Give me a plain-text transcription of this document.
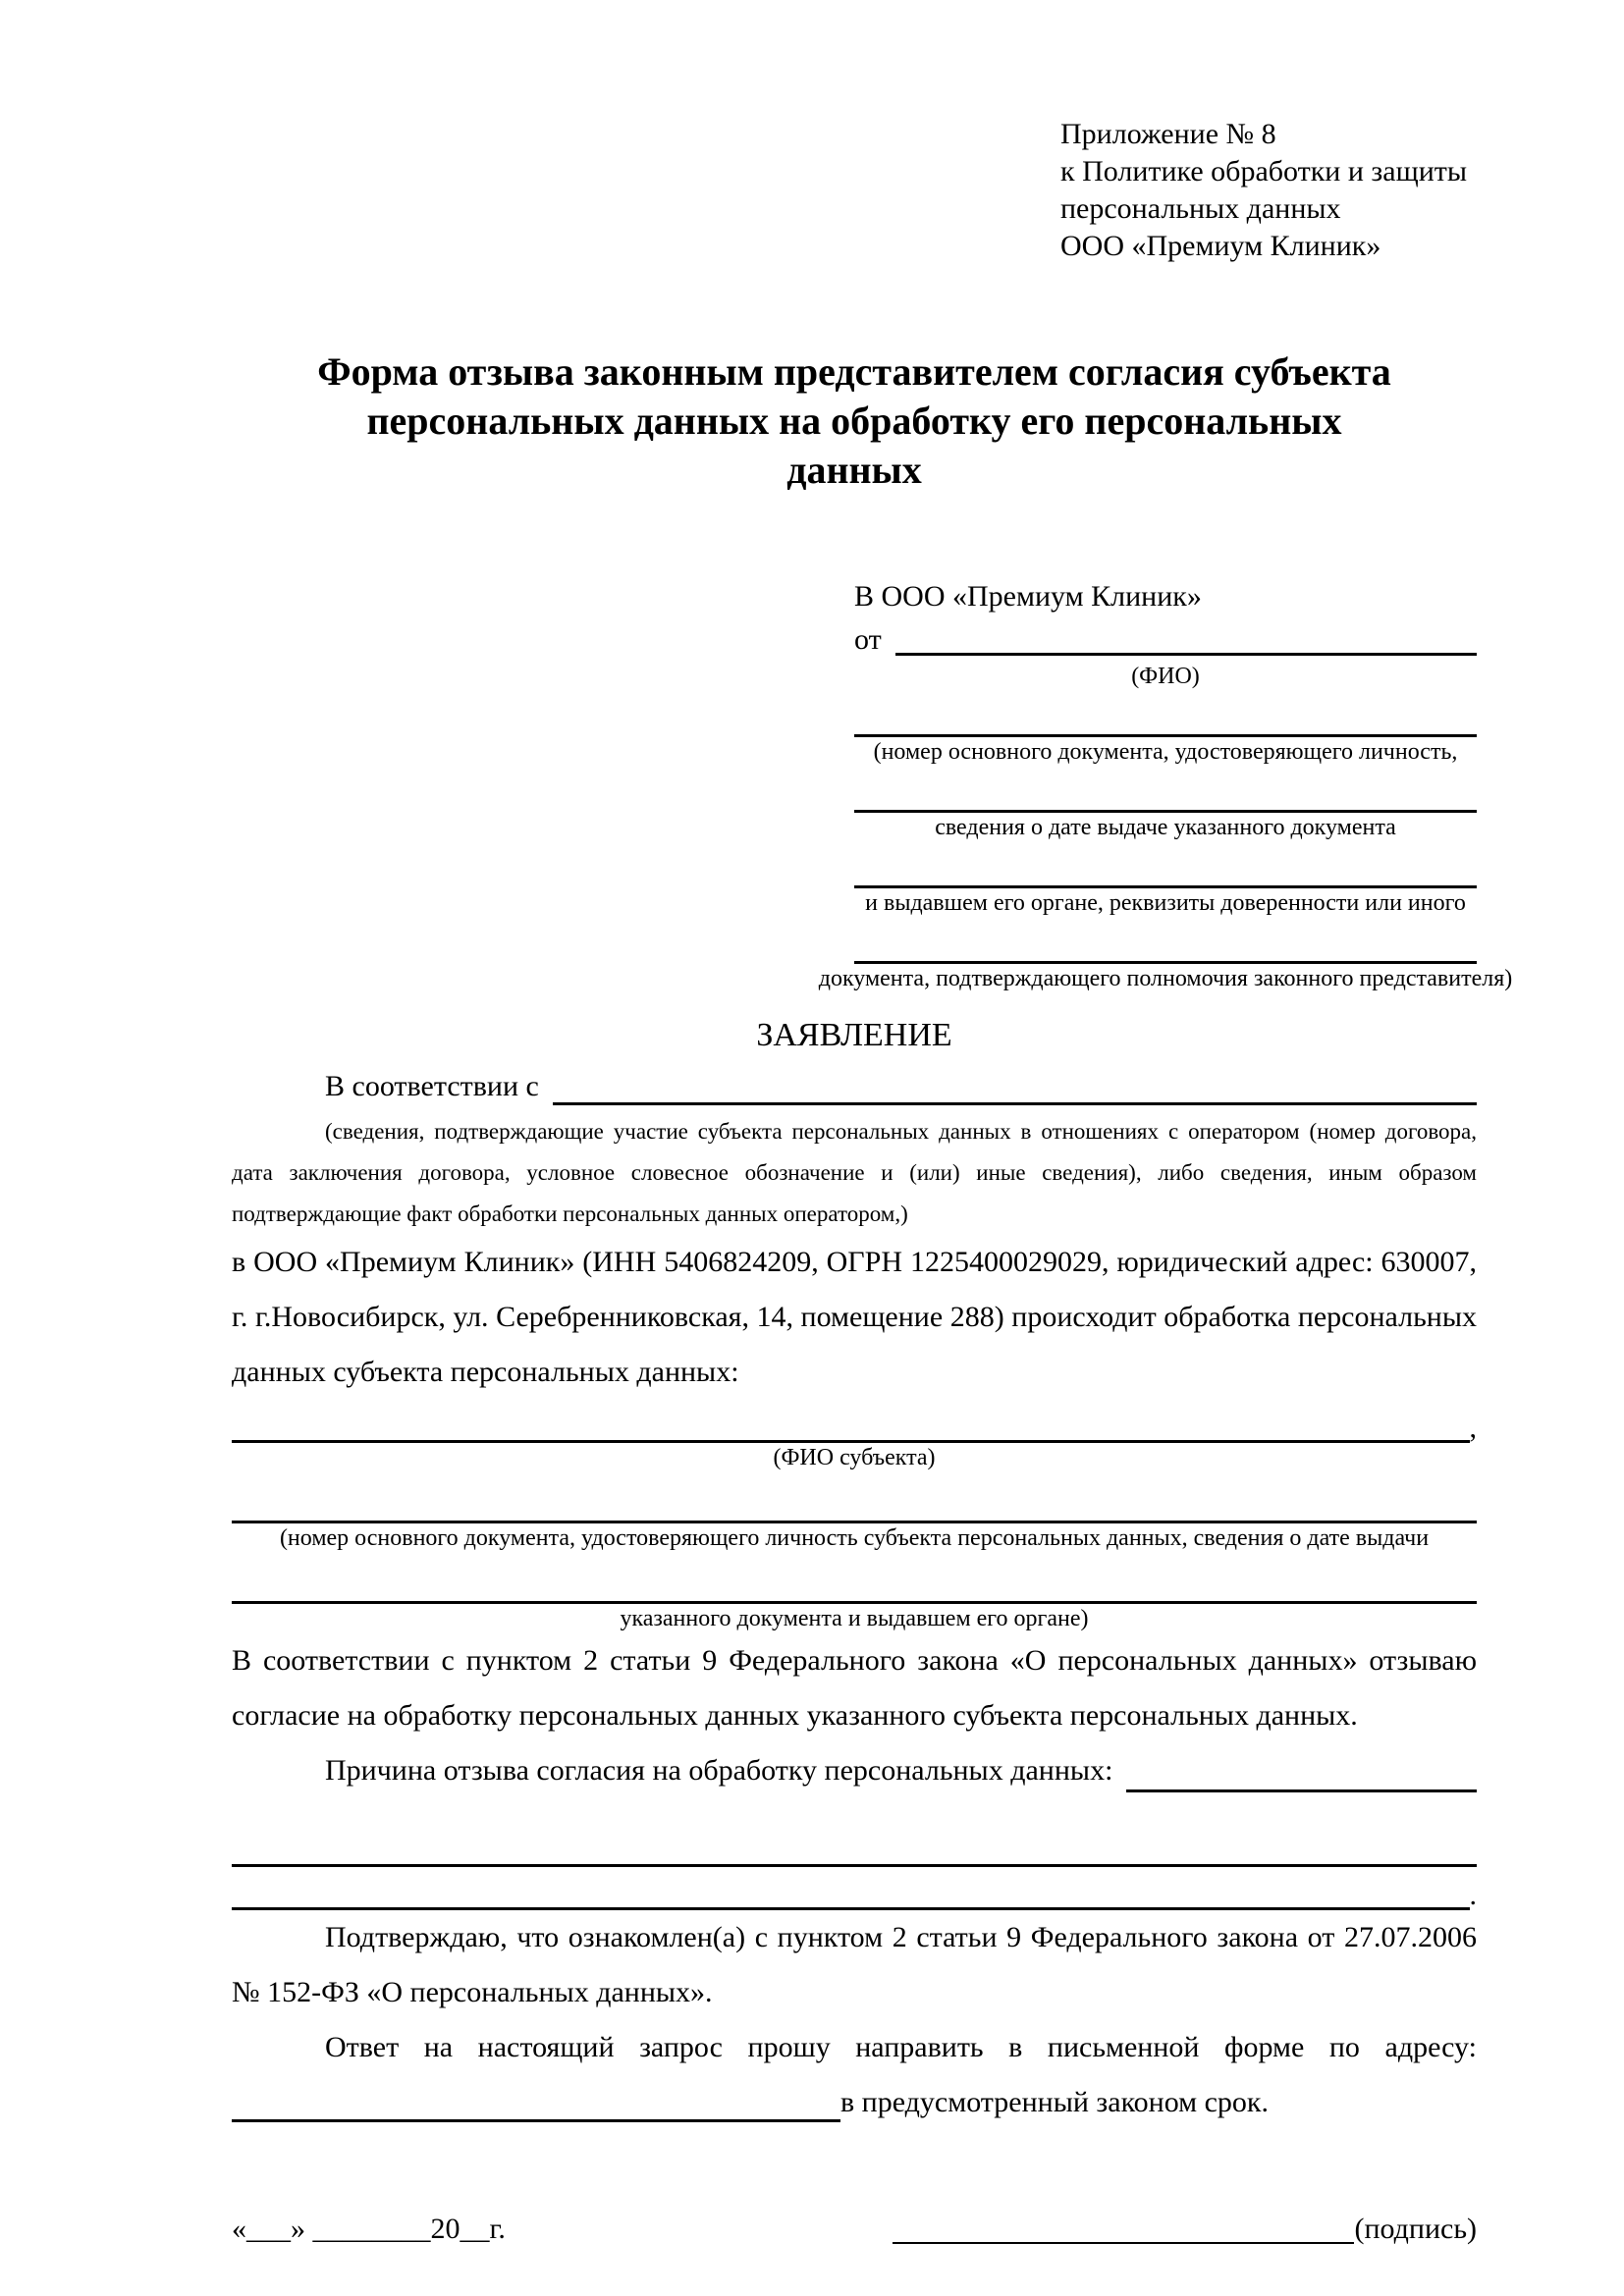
Приложение № 8
к Политике обработки и защиты
персональных данных
ООО «Премиум Клиник»
Форма отзыва законным представителем согласия субъекта персональных данных на обработку его персональных данных
В ООО «Премиум Клиник»
от
(ФИО)
(номер основного документа, удостоверяющего личность,
сведения о дате выдаче указанного документа
и выдавшем его органе, реквизиты доверенности или иного
документа, подтверждающего полномочия законного представителя)
ЗАЯВЛЕНИЕ
В соответствии с
(сведения, подтверждающие участие субъекта персональных данных в отношениях с оператором (номер договора, дата заключения договора, условное словесное обозначение и (или) иные сведения), либо сведения, иным образом подтверждающие факт обработки персональных данных оператором,)

в ООО «Премиум Клиник» (ИНН 5406824209, ОГРН 1225400029029, юридический адрес: 630007, г. г.Новосибирск, ул. Серебренниковская, 14, помещение 288) происходит обработка персональных данных субъекта персональных данных:

,
(ФИО субъекта)
(номер основного документа, удостоверяющего личность субъекта персональных данных, сведения о дате выдачи
указанного документа и выдавшем его органе)

В соответствии с пунктом 2 статьи 9 Федерального закона «О персональных данных» отзываю согласие на обработку персональных данных указанного субъекта персональных данных.

Причина отзыва согласия на обработку персональных данных:
.

Подтверждаю, что ознакомлен(а) с пунктом 2 статьи 9 Федерального закона от 27.07.2006 № 152-ФЗ «О персональных данных».

Ответ на настоящий запрос прошу направить в письменной форме по адресу:
в предусмотренный законом срок.
«___» ________20__г.	(подпись)
